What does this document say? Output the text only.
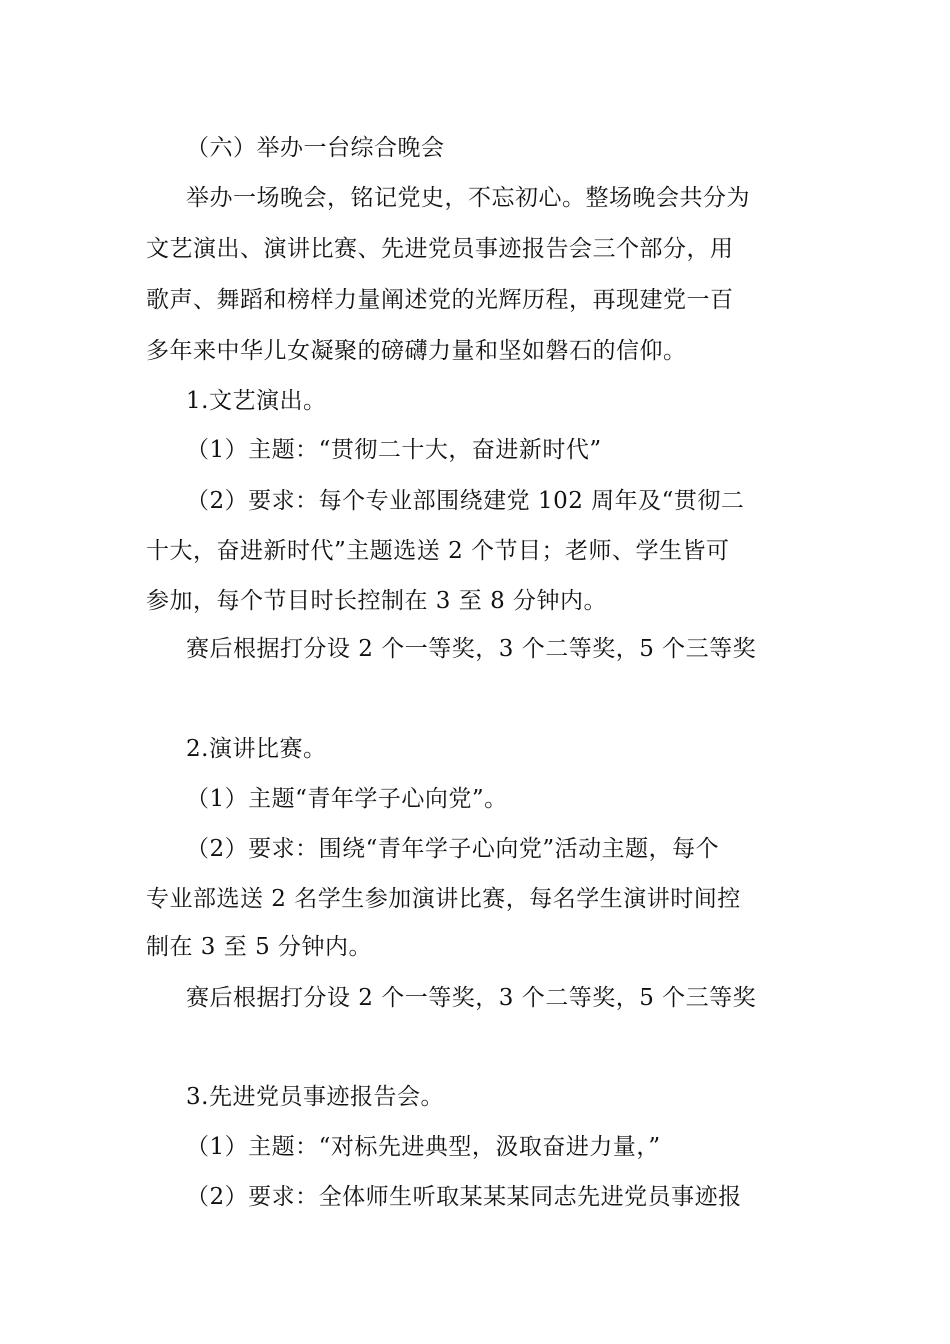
（六）举办一台综合晚会
举办一场晚会，铭记党史，不忘初心。整场晚会共分为
文艺演出、演讲比赛、先进党员事迹报告会三个部分，用
歌声、舞蹈和榜样力量阐述党的光辉历程，再现建党一百
多年来中华儿女凝聚的磅礴力量和坚如磐石的信仰。
1.文艺演出。
（1）主题：“贯彻二十大，奋进新时代”
（2）要求：每个专业部围绕建党 102 周年及“贯彻二
十大，奋进新时代”主题选送 2 个节目；老师、学生皆可
参加，每个节目时长控制在 3 至 8 分钟内。
赛后根据打分设 2 个一等奖，3 个二等奖，5 个三等奖
2.演讲比赛。
（1）主题“青年学子心向党”。
（2）要求：围绕“青年学子心向党”活动主题，每个
专业部选送 2 名学生参加演讲比赛，每名学生演讲时间控
制在 3 至 5 分钟内。
赛后根据打分设 2 个一等奖，3 个二等奖，5 个三等奖
3.先进党员事迹报告会。
（1）主题：“对标先进典型，汲取奋进力量，”
（2）要求：全体师生听取某某某同志先进党员事迹报
